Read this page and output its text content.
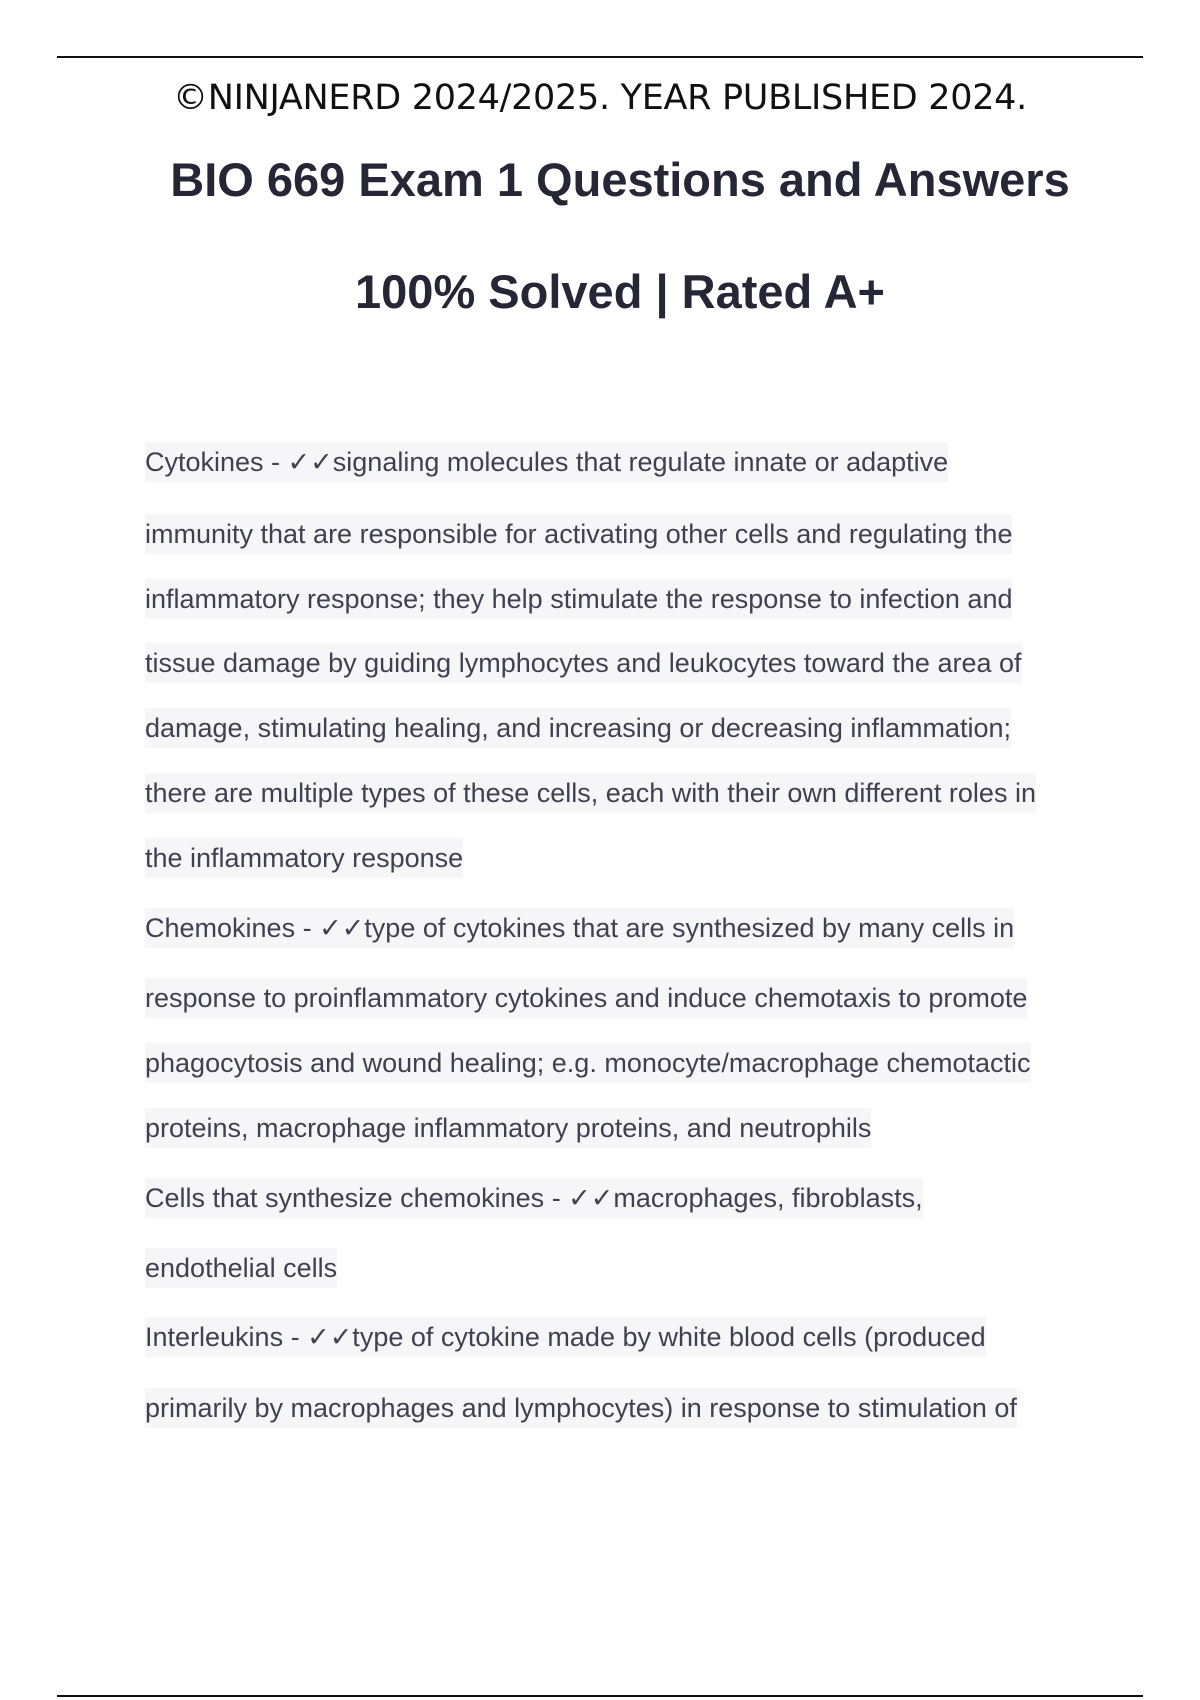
©NINJANERD 2024/2025. YEAR PUBLISHED 2024.
BIO 669 Exam 1 Questions and Answers
100% Solved | Rated A+
Cytokines - ✓✓signaling molecules that regulate innate or adaptive
immunity that are responsible for activating other cells and regulating the
inflammatory response; they help stimulate the response to infection and
tissue damage by guiding lymphocytes and leukocytes toward the area of
damage, stimulating healing, and increasing or decreasing inflammation;
there are multiple types of these cells, each with their own different roles in
the inflammatory response
Chemokines - ✓✓type of cytokines that are synthesized by many cells in
response to proinflammatory cytokines and induce chemotaxis to promote
phagocytosis and wound healing; e.g. monocyte/macrophage chemotactic
proteins, macrophage inflammatory proteins, and neutrophils
Cells that synthesize chemokines - ✓✓macrophages, fibroblasts,
endothelial cells
Interleukins - ✓✓type of cytokine made by white blood cells (produced
primarily by macrophages and lymphocytes) in response to stimulation of
